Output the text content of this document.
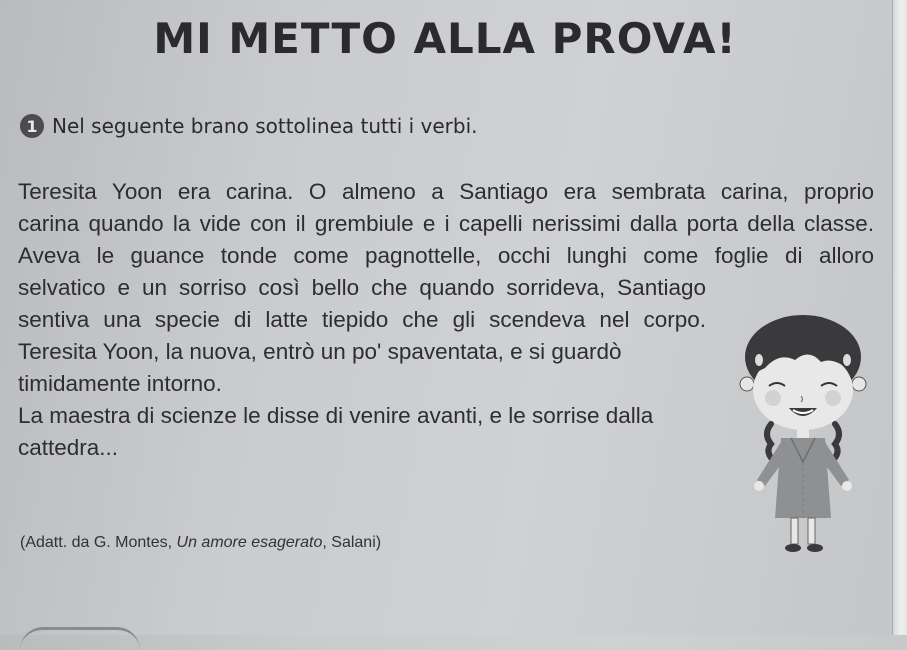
MI METTO ALLA PROVA!
1 Nel seguente brano sottolinea tutti i verbi.
Teresita Yoon era carina. O almeno a Santiago era sembrata carina, proprio
carina quando la vide con il grembiule e i capelli nerissimi dalla porta della classe.
Aveva le guance tonde come pagnottelle, occhi lunghi come foglie di alloro
selvatico e un sorriso così bello che quando sorrideva, Santiago
sentiva una specie di latte tiepido che gli scendeva nel corpo.
Teresita Yoon, la nuova, entrò un po' spaventata, e si guardò
timidamente intorno.
La maestra di scienze le disse di venire avanti, e le sorrise dalla
cattedra...
(Adatt. da G. Montes, Un amore esagerato, Salani)
